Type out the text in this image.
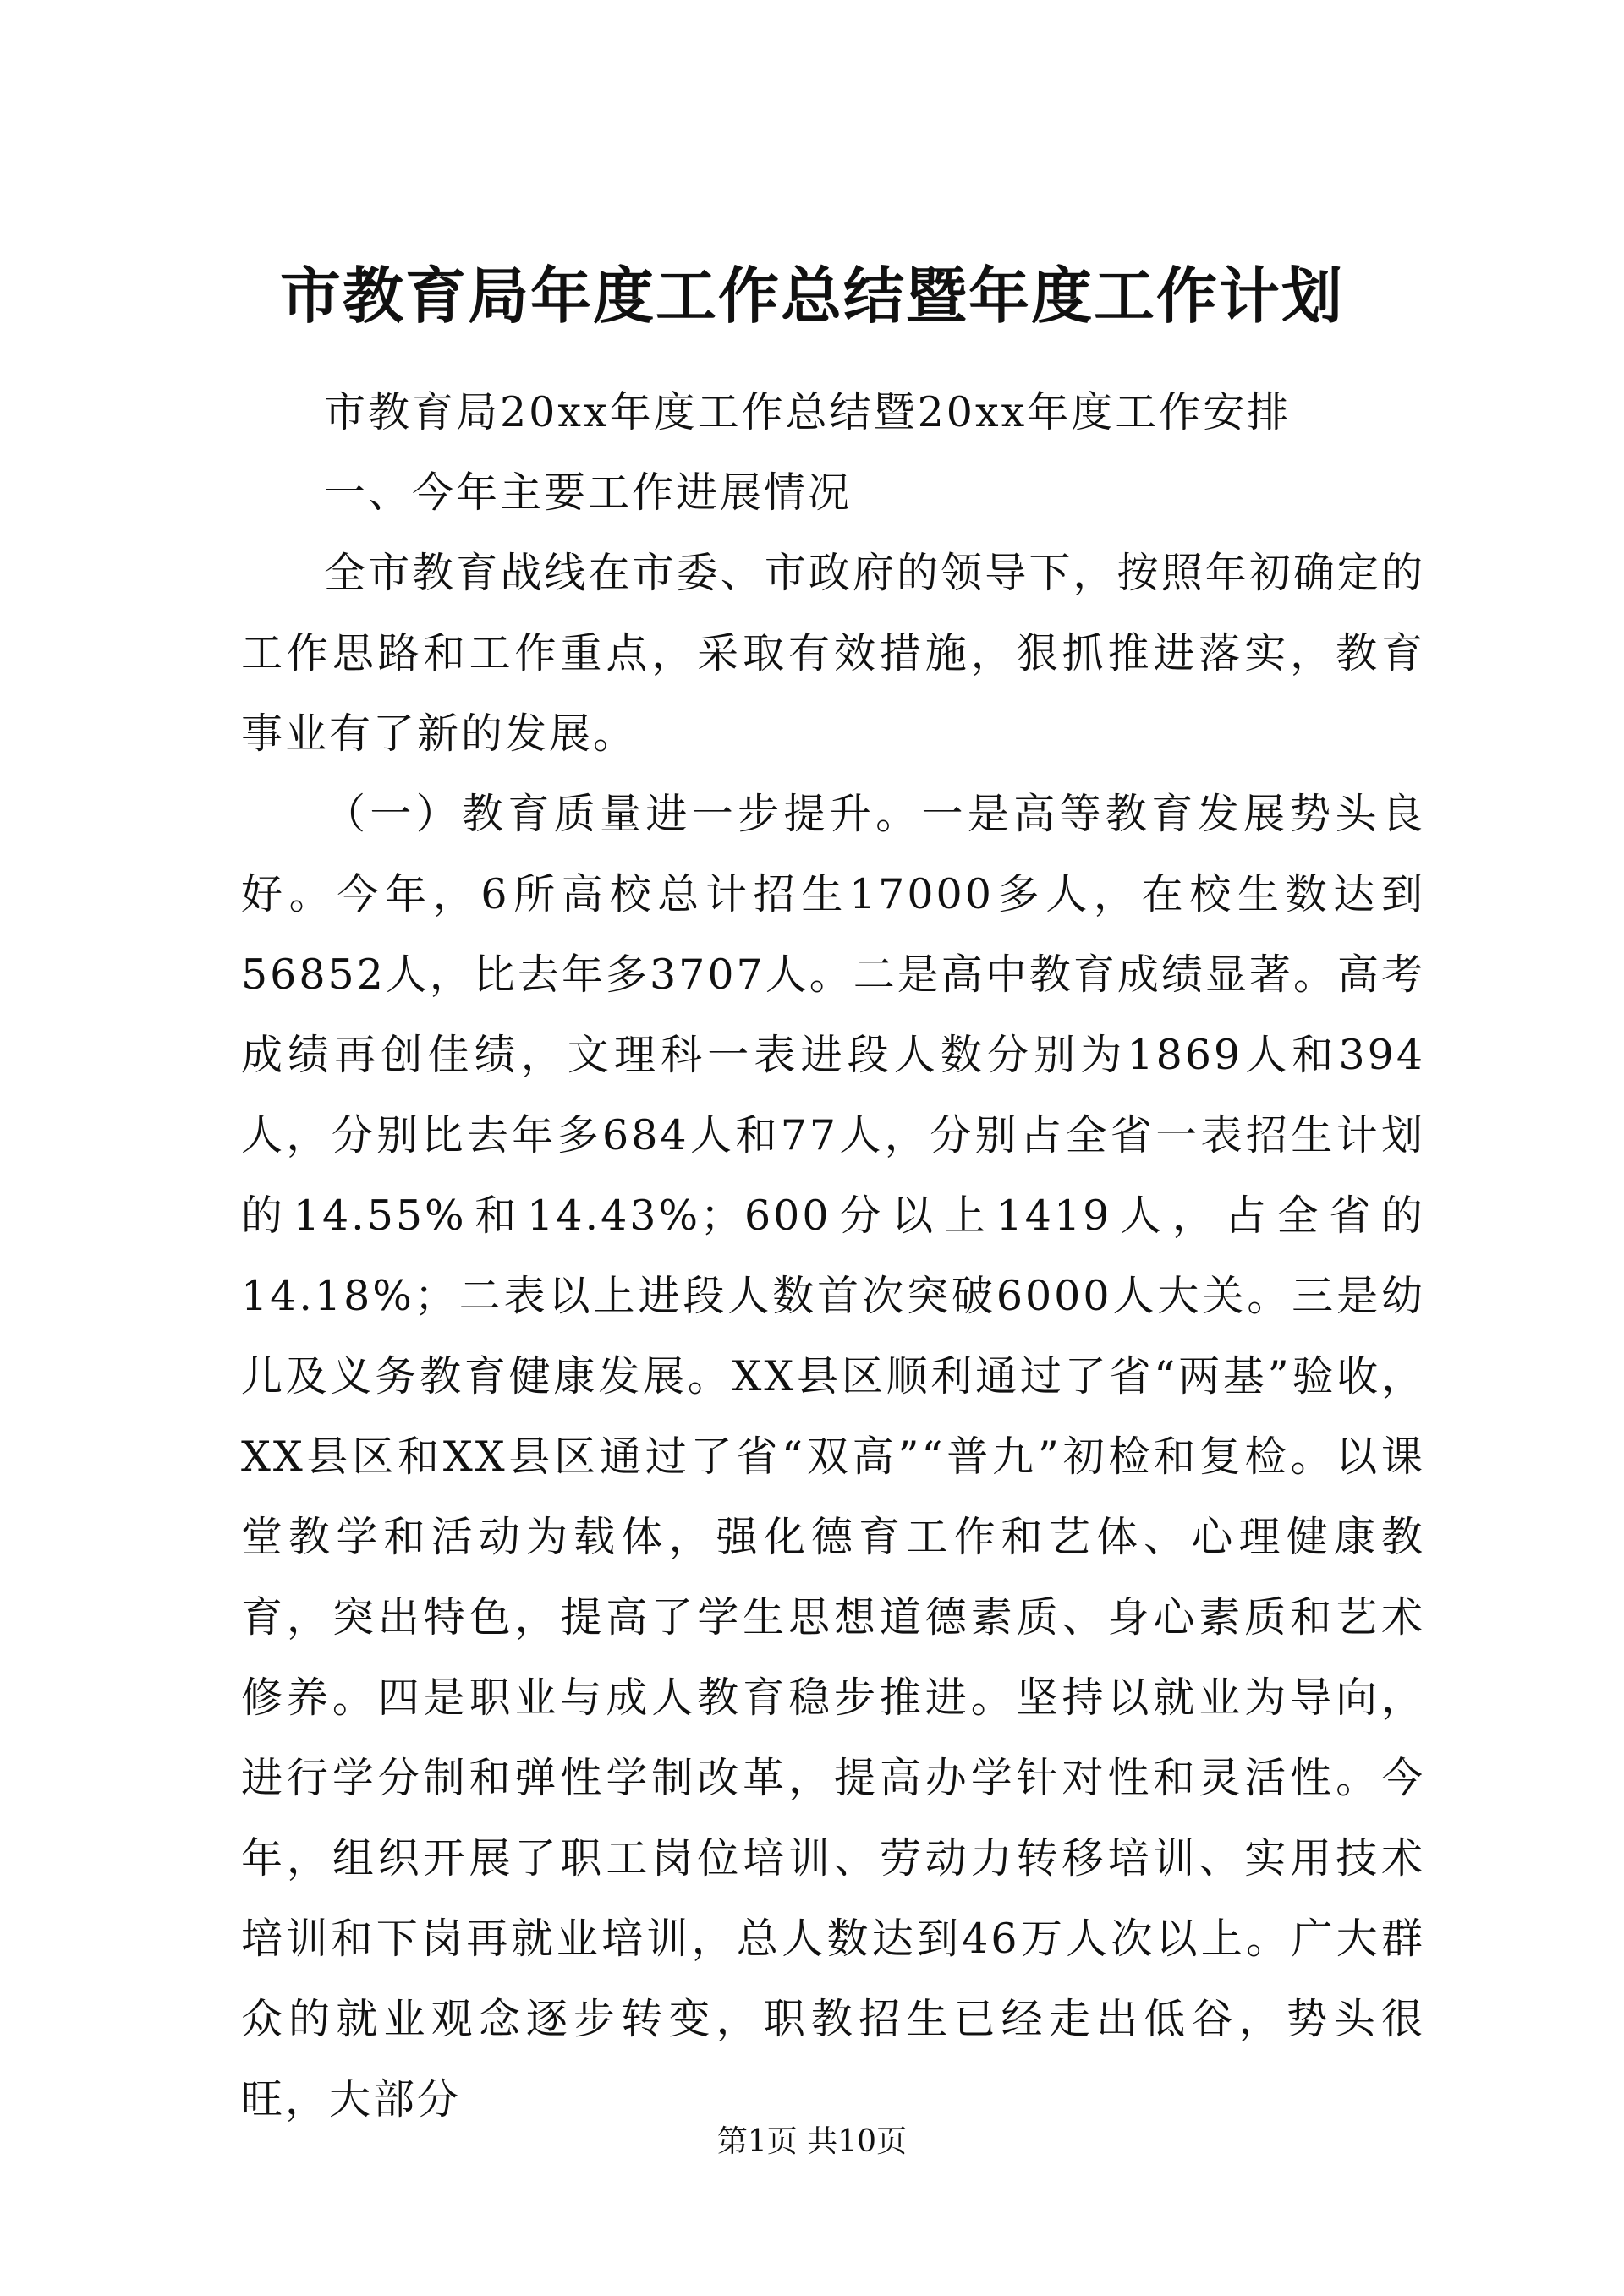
市教育局年度工作总结暨年度工作计划

市教育局20xx年度工作总结暨20xx年度工作安排

一、今年主要工作进展情况

全市教育战线在市委、市政府的领导下，按照年初确定的工作思路和工作重点，采取有效措施，狠抓推进落实，教育事业有了新的发展。

（一）教育质量进一步提升。一是高等教育发展势头良好。今年，6所高校总计招生17000多人，在校生数达到56852人，比去年多3707人。二是高中教育成绩显著。高考成绩再创佳绩，文理科一表进段人数分别为1869人和394人，分别比去年多684人和77人，分别占全省一表招生计划的14.55%和14.43%；600分以上1419人，占全省的14.18%；二表以上进段人数首次突破6000人大关。三是幼儿及义务教育健康发展。XX县区顺利通过了省“两基”验收，XX县区和XX县区通过了省“双高”“普九”初检和复检。以课堂教学和活动为载体，强化德育工作和艺体、心理健康教育，突出特色，提高了学生思想道德素质、身心素质和艺术修养。四是职业与成人教育稳步推进。坚持以就业为导向，进行学分制和弹性学制改革，提高办学针对性和灵活性。今年，组织开展了职工岗位培训、劳动力转移培训、实用技术培训和下岗再就业培训，总人数达到46万人次以上。广大群众的就业观念逐步转变，职教招生已经走出低谷，势头很旺，大部分

第1页 共10页
